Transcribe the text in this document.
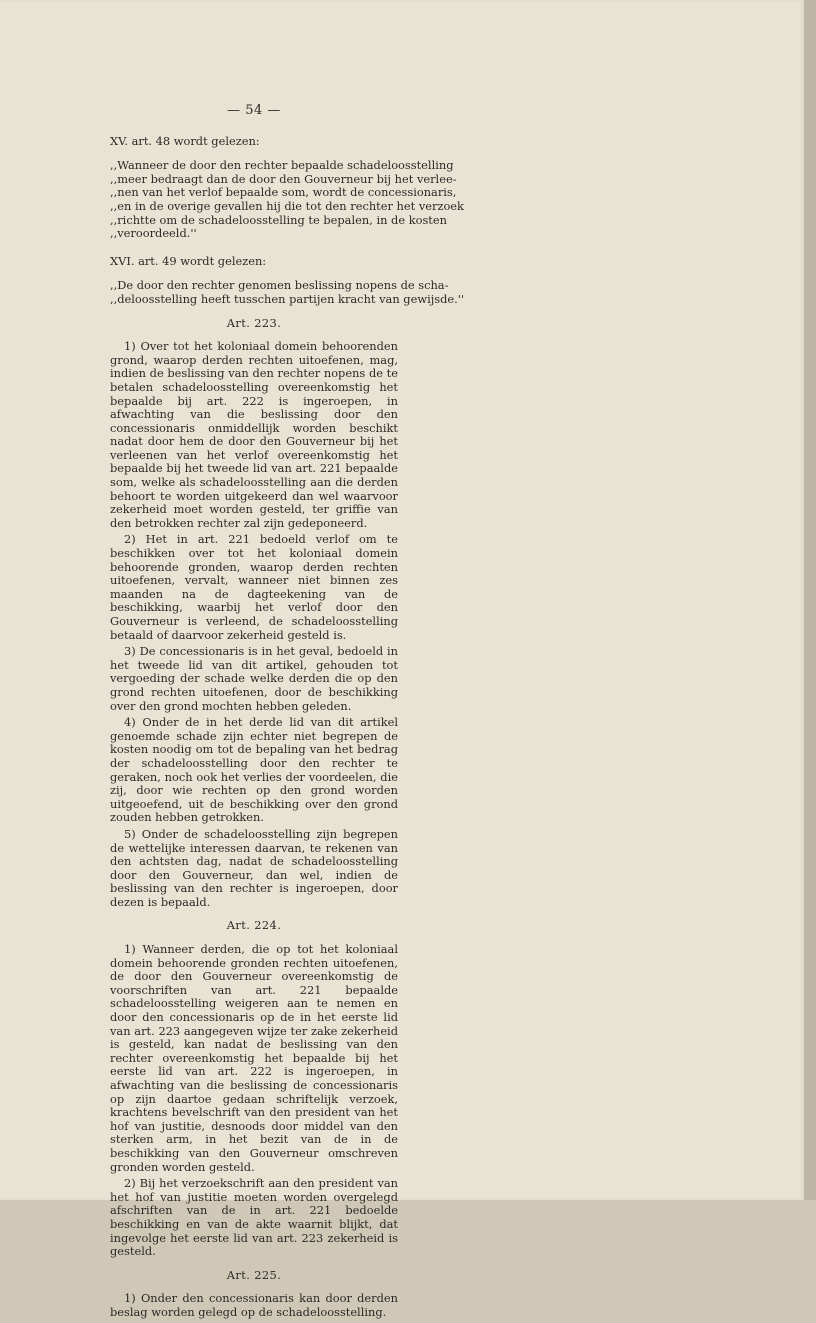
— 54 —
XV. art. 48 wordt gelezen:
,,Wanneer de door den rechter bepaalde schadeloosstelling
,,meer bedraagt dan de door den Gouverneur bij het verlee-
,,nen van het verlof bepaalde som, wordt de concessionaris,
,,en in de overige gevallen hij die tot den rechter het verzoek
,,richtte om de schadeloosstelling te bepalen, in de kosten
,,veroordeeld.''
XVI. art. 49 wordt gelezen:
,,De door den rechter genomen beslissing nopens de scha-
,,deloosstelling heeft tusschen partijen kracht van gewijsde.''
Art. 223.

1) Over tot het koloniaal domein behoorenden grond, waarop derden rechten uitoefenen, mag, indien de beslissing van den rechter nopens de te betalen schadeloosstelling overeenkomstig het bepaalde bij art. 222 is ingeroepen, in afwachting van die beslissing door den concessionaris onmiddellijk worden beschikt nadat door hem de door den Gouverneur bij het verleenen van het verlof overeenkomstig het bepaalde bij het tweede lid van art. 221 bepaalde som, welke als schadeloosstelling aan die derden behoort te worden uitgekeerd dan wel waarvoor zekerheid moet worden gesteld, ter griffie van den betrokken rechter zal zijn gedeponeerd.

2) Het in art. 221 bedoeld verlof om te beschikken over tot het koloniaal domein behoorende gronden, waarop derden rechten uitoefenen, vervalt, wanneer niet binnen zes maanden na de dagteekening van de beschikking, waarbij het verlof door den Gouverneur is verleend, de schadeloosstelling betaald of daarvoor zekerheid gesteld is.

3) De concessionaris is in het geval, bedoeld in het tweede lid van dit artikel, gehouden tot vergoeding der schade welke derden die op den grond rechten uitoefenen, door de beschikking over den grond mochten hebben geleden.

4) Onder de in het derde lid van dit artikel genoemde schade zijn echter niet begrepen de kosten noodig om tot de bepaling van het bedrag der schadeloosstelling door den rechter te geraken, noch ook het verlies der voordeelen, die zij, door wie rechten op den grond worden uitgeoefend, uit de beschikking over den grond zouden hebben getrokken.

5) Onder de schadeloosstelling zijn begrepen de wettelijke interessen daarvan, te rekenen van den achtsten dag, nadat de schadeloosstelling door den Gouverneur, dan wel, indien de beslissing van den rechter is ingeroepen, door dezen is bepaald.

Art. 224.

1) Wanneer derden, die op tot het koloniaal domein behoorende gronden rechten uitoefenen, de door den Gouverneur overeenkomstig de voorschriften van art. 221 bepaalde schadeloosstelling weigeren aan te nemen en door den concessionaris op de in het eerste lid van art. 223 aangegeven wijze ter zake zekerheid is gesteld, kan nadat de beslissing van den rechter overeenkomstig het bepaalde bij het eerste lid van art. 222 is ingeroepen, in afwachting van die beslissing de concessionaris op zijn daartoe gedaan schriftelijk verzoek, krachtens bevelschrift van den president van het hof van justitie, desnoods door middel van den sterken arm, in het bezit van de in de beschikking van den Gouverneur omschreven gronden worden gesteld.

2) Bij het verzoekschrift aan den president van het hof van justitie moeten worden overgelegd afschriften van de in art. 221 bedoelde beschikking en van de akte waarnit blijkt, dat ingevolge het eerste lid van art. 223 zekerheid is gesteld.

Art. 225.

1) Onder den concessionaris kan door derden beslag worden gelegd op de schadeloosstelling.
